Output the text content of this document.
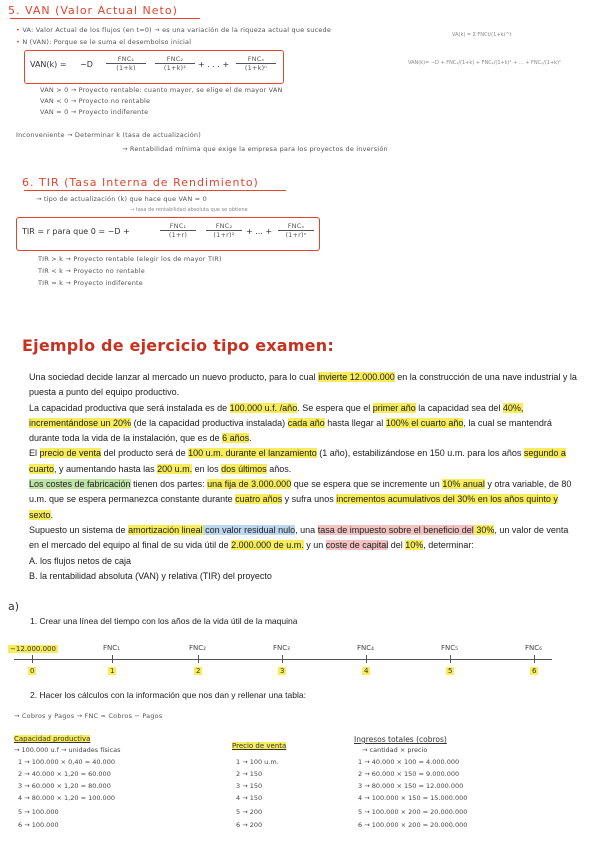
5. VAN (Valor Actual Neto)
• VA: Valor Actual de los flujos (en t=0) → es una variación de la riqueza actual que sucede
• N (VAN): Porque se le suma el desembolso inicial
VAN(k) = −D
FNC₁
(1+k)
FNC₂
(1+k)²	+ . . . +
FNCₙ
(1+k)ⁿ
VAN > 0 → Proyecto rentable: cuanto mayor, se elige el de mayor VAN
VAN < 0 → Proyecto no rentable
VAN = 0 → Proyecto indiferente
Inconveniente → Determinar k (tasa de actualización)
→ Rentabilidad mínima que exige la empresa para los proyectos de inversión
VA(k) = Σ FNCt/(1+k)^t
VAN(k)= −D + FNC₁/(1+k) + FNC₂/(1+k)² + ... + FNCₙ/(1+k)ⁿ
6. TIR (Tasa Interna de Rendimiento)
→ tipo de actualización (k) que hace que VAN = 0
→ tasa de rentabilidad absoluta que se obtiene
TIR = r para que 0 = −D +
FNC₁
(1+r)
FNC₂
(1+r)²	+ ... +
FNCₙ
(1+r)ⁿ
TIR > k → Proyecto rentable (elegir los de mayor TIR)
TIR < k → Proyecto no rentable
TIR = k → Proyecto indiferente
Ejemplo de ejercicio tipo examen:
Una sociedad decide lanzar al mercado un nuevo producto, para lo cual invierte 12.000.000 en la construcción de una nave industrial y la puesta a punto del equipo productivo.
La capacidad productiva que será instalada es de 100.000 u.f. /año. Se espera que el primer año la capacidad sea del 40%, incrementándose un 20% (de la capacidad productiva instalada) cada año hasta llegar al 100% el cuarto año, la cual se mantendrá durante toda la vida de la instalación, que es de 6 años.
El precio de venta del producto será de 100 u.m. durante el lanzamiento (1 año), estabilizándose en 150 u.m. para los años segundo a cuarto, y aumentando hasta las 200 u.m. en los dos últimos años.
Los costes de fabricación tienen dos partes: una fija de 3.000.000 que se espera que se incremente un 10% anual y otra variable, de 80 u.m. que se espera permanezca constante durante cuatro años y sufra unos incrementos acumulativos del 30% en los años quinto y sexto.
Supuesto un sistema de amortización lineal con valor residual nulo, una tasa de impuesto sobre el beneficio del 30%, un valor de venta en el mercado del equipo al final de su vida útil de 2.000.000 de u.m. y un coste de capital del 10%, determinar:
A. los flujos netos de caja
B. la rentabilidad absoluta (VAN) y relativa (TIR) del proyecto
a)
1. Crear una línea del tiempo con los años de la vida útil de la maquina
−12.000.000	FNC₁	FNC₂	FNC₃	FNC₄	FNC₅	FNC₆
0	1	2	3	4	5	6
2. Hacer los cálculos con la información que nos dan y rellenar una tabla:
→ Cobros y Pagos → FNC = Cobros − Pagos
Capacidad productiva
→ 100.000 u.f → unidades físicas
1 → 100.000 × 0,40 = 40.000
2 → 40.000 × 1,20 = 60.000
3 → 60.000 × 1,20 = 80.000
4 → 80.000 × 1,20 = 100.000
5 → 100.000
6 → 100.000
Precio de venta
1 → 100 u.m.
2 → 150
3 → 150
4 → 150
5 → 200
6 → 200
Ingresos totales (cobros)
→ cantidad × precio
1 → 40.000 × 100 = 4.000.000
2 → 60.000 × 150 = 9.000.000
3 → 80.000 × 150 = 12.000.000
4 → 100.000 × 150 = 15.000.000
5 → 100.000 × 200 = 20.000.000
6 → 100.000 × 200 = 20.000.000
